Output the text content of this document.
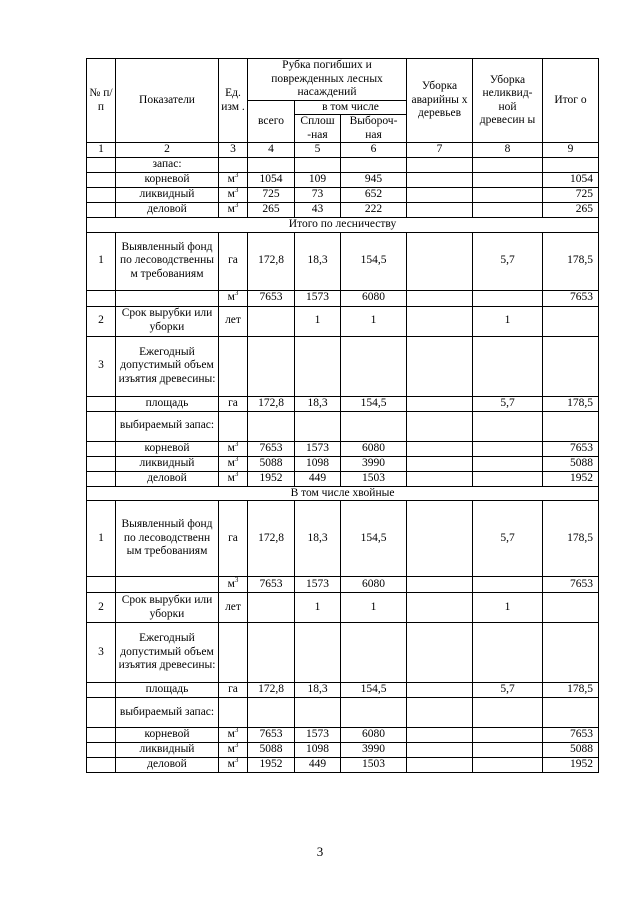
№ п/п	Показатели	Ед. изм .	Рубка погибших и поврежденных лесных насаждений			Уборка аварийны х деревьев	Уборка неликвид- ной древесин ы	Итог о
			всего	в том числе				
				Сплош -ная	Выбороч- ная			
1	2	3	4	5	6	7	8	9
	запас:							
	корневой	$м^3$	1054	109	945			1054
	ликвидный	$м^3$	725	73	652			725
	деловой	$м^3$	265	43	222			265
Итого по лесничеству								
1	Выявленный фонд по лесоводственны м требованиям	га	172,8	18,3	154,5		5,7	178,5
		$м^3$	7653	1573	6080			7653
2	Срок вырубки или уборки	лет		1	1		1	
3	Ежегодный допустимый объем изъятия древесины:							
	площадь	га	172,8	18,3	154,5		5,7	178,5
	выбираемый запас:							
	корневой	$м^3$	7653	1573	6080			7653
	ликвидный	$м^3$	5088	1098	3990			5088
	деловой	$м^3$	1952	449	1503			1952
В том числе хвойные								
1	Выявленный фонд по лесоводственн ым требованиям	га	172,8	18,3	154,5		5,7	178,5
		$м^3$	7653	1573	6080			7653
2	Срок вырубки или уборки	лет		1	1		1	
3	Ежегодный допустимый объем изъятия древесины:							
	площадь	га	172,8	18,3	154,5		5,7	178,5
	выбираемый запас:							
	корневой	$м^3$	7653	1573	6080			7653
	ликвидный	$м^3$	5088	1098	3990			5088
	деловой	$м^3$	1952	449	1503			1952
3
